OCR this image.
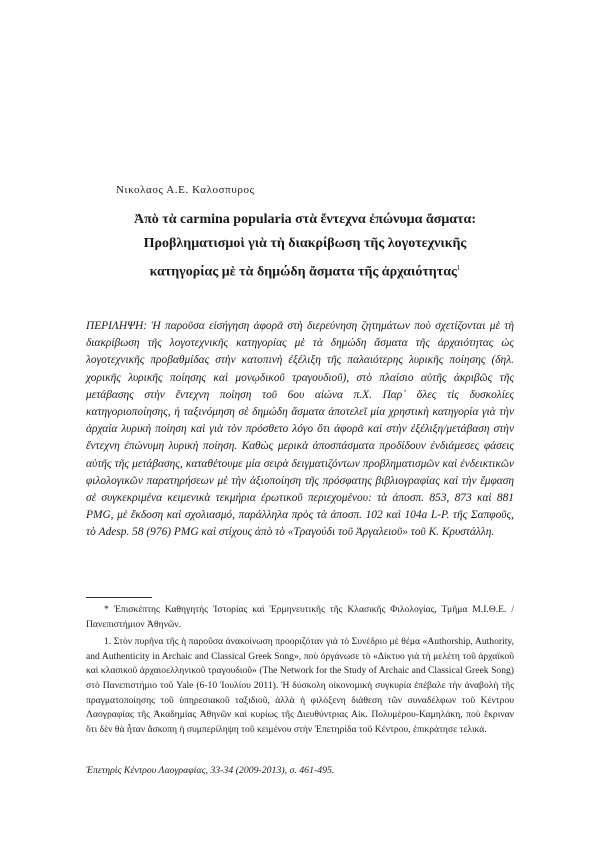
Νικολαος Α.Ε. Καλοσπυρος
Ἀπὸ τὰ carmina popularia στὰ ἔντεχνα ἐπώνυμα ἄσματα:
Προβληματισμοὶ γιὰ τὴ διακρίβωση τῆς λογοτεχνικῆς
κατηγορίας μὲ τὰ δημώδη ἄσματα τῆς ἀρχαιότητας$^1$
ΠΕΡΙΛΗΨΗ: Ἡ παροῦσα εἰσήγηση ἀφορᾶ στὴ διερεύνηση ζητημάτων ποὺ σχετίζονται μὲ τὴ διακρίβωση τῆς λογοτεχνικῆς κατηγορίας μὲ τὰ δημώδη ἄσματα τῆς ἀρχαιότητας ὡς λογοτεχνικῆς προβαθμίδας στὴν κατοπινὴ ἐξέλιξη τῆς παλαιότερης λυρικῆς ποίησης (δηλ. χορικῆς λυρικῆς ποίησης καὶ μονῳδικοῦ τραγουδιοῦ), στὸ πλαίσιο αὐτῆς ἀκριβῶς τῆς μετάβασης στὴν ἔντεχνη ποίηση τοῦ 6ου αἰώνα π.Χ. Παρ᾽ ὅλες τὶς δυσκολίες κατηγοριοποίησης, ἡ ταξινόμηση σὲ δημώδη ἄσματα ἀποτελεῖ μία χρηστικὴ κατηγορία γιὰ τὴν ἀρχαία λυρικὴ ποίηση καὶ γιὰ τὸν πρόσθετο λόγο ὅτι ἀφορᾶ καὶ στὴν ἐξέλιξη/μετάβαση στὴν ἔντεχνη ἐπώνυμη λυρικὴ ποίηση. Καθὼς μερικὰ ἀποσπάσματα προδίδουν ἐνδιάμεσες φάσεις αὐτῆς τῆς μετάβασης, καταθέτουμε μία σειρὰ δειγματιζόντων προβληματισμῶν καὶ ἐνδεικτικῶν φιλολογικῶν παρατηρήσεων μὲ τὴν ἀξιοποίηση τῆς πρόσφατης βιβλιογραφίας καὶ τὴν ἔμφαση σὲ συγκεκριμένα κειμενικὰ τεκμήρια ἐρωτικοῦ περιεχομένου: τὰ ἀποσπ. 853, 873 καὶ 881 PMG, μὲ ἔκδοση καὶ σχολιασμό, παράλληλα πρὸς τὰ ἀποσπ. 102 καὶ 104a L-P. τῆς Σαπφοῦς, τὸ Adesp. 58 (976) PMG καὶ στίχους ἀπὸ τὸ «Τραγούδι τοῦ Ἀργαλειοῦ» τοῦ Κ. Κρυστάλλη.

* Ἐπισκέπτης Καθηγητὴς Ἱστορίας καὶ Ἑρμηνευτικῆς τῆς Κλασικῆς Φιλολογίας, Τμῆμα Μ.Ι.Θ.Ε. / Πανεπιστήμιον Ἀθηνῶν.

1. Στὸν πυρῆνα τῆς ἡ παροῦσα ἀνακοίνωση προοριζόταν γιὰ τὸ Συνέδριο μὲ θέμα «Authorship, Authority, and Authenticity in Archaic and Classical Greek Song», ποὺ ὀργάνωσε τὸ «Δίκτυο γιὰ τὴ μελέτη τοῦ ἀρχαϊκοῦ καὶ κλασικοῦ ἀρχαιοελληνικοῦ τραγουδιοῦ» (The Network for the Study of Archaic and Classical Greek Song) στὸ Πανεπιστήμιο τοῦ Yale (6-10 Ἰουλίου 2011). Ἡ δύσκολη οἰκονομικὴ συγκυρία ἐπέβαλε τὴν ἀναβολὴ τῆς πραγματοποίησης τοῦ ὑπηρεσιακοῦ ταξιδιοῦ, ἀλλὰ ἡ φιλόξενη διάθεση τῶν συναδέλφων τοῦ Κέντρου Λαογραφίας τῆς Ἀκαδημίας Ἀθηνῶν καὶ κυρίως τῆς Διευθύντριας Αἰκ. Πολυμέρου-Καμηλάκη, ποὺ ἔκριναν ὅτι δὲν θὰ ἦταν ἄσκοπη ἡ συμπερίληψη τοῦ κειμένου στὴν Ἐπετηρίδα τοῦ Κέντρου, ἐπικράτησε τελικά.

Ἐπετηρὶς Κέντρου Λαογραφίας, 33-34 (2009-2013), σ. 461-495.
